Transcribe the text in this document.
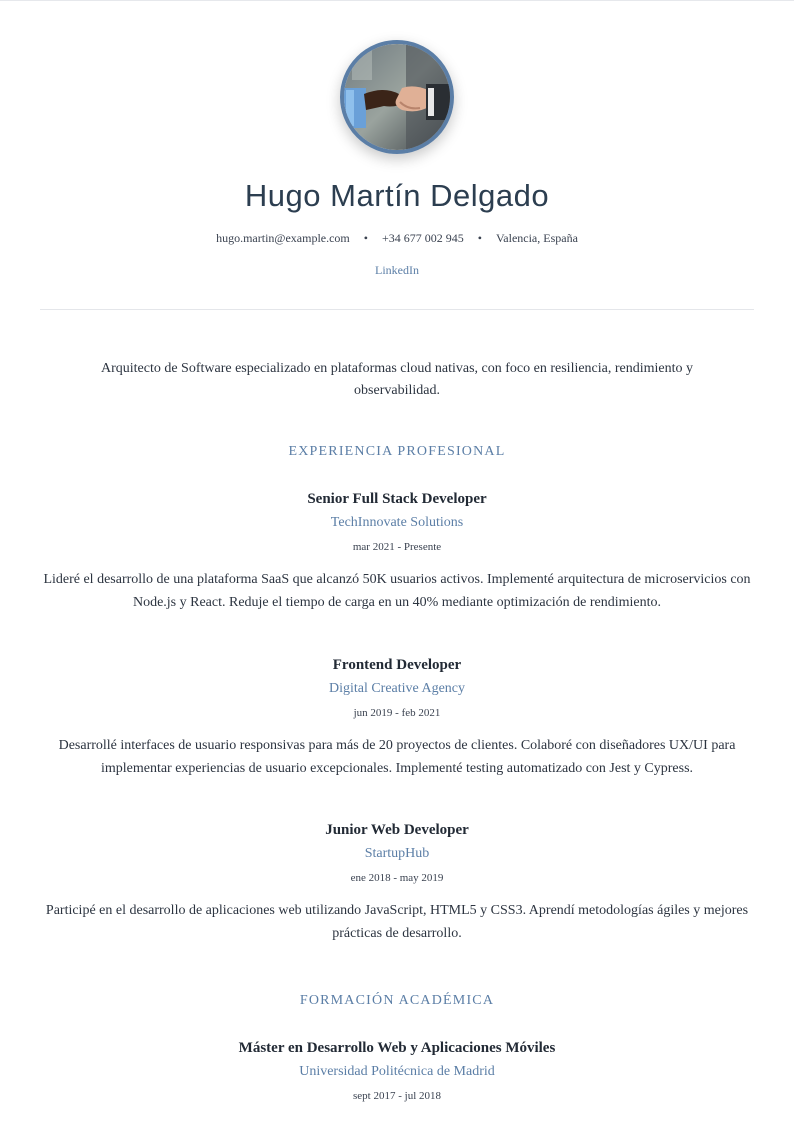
Hugo Martín Delgado
hugo.martin@example.com • +34 677 002 945 • Valencia, España
LinkedIn
Arquitecto de Software especializado en plataformas cloud nativas, con foco en resiliencia, rendimiento y observabilidad.
EXPERIENCIA PROFESIONAL
Senior Full Stack Developer
TechInnovate Solutions
mar 2021 - Presente
Lideré el desarrollo de una plataforma SaaS que alcanzó 50K usuarios activos. Implementé arquitectura de microservicios con Node.js y React. Reduje el tiempo de carga en un 40% mediante optimización de rendimiento.
Frontend Developer
Digital Creative Agency
jun 2019 - feb 2021
Desarrollé interfaces de usuario responsivas para más de 20 proyectos de clientes. Colaboré con diseñadores UX/UI para implementar experiencias de usuario excepcionales. Implementé testing automatizado con Jest y Cypress.
Junior Web Developer
StartupHub
ene 2018 - may 2019
Participé en el desarrollo de aplicaciones web utilizando JavaScript, HTML5 y CSS3. Aprendí metodologías ágiles y mejores prácticas de desarrollo.
FORMACIÓN ACADÉMICA
Máster en Desarrollo Web y Aplicaciones Móviles
Universidad Politécnica de Madrid
sept 2017 - jul 2018
